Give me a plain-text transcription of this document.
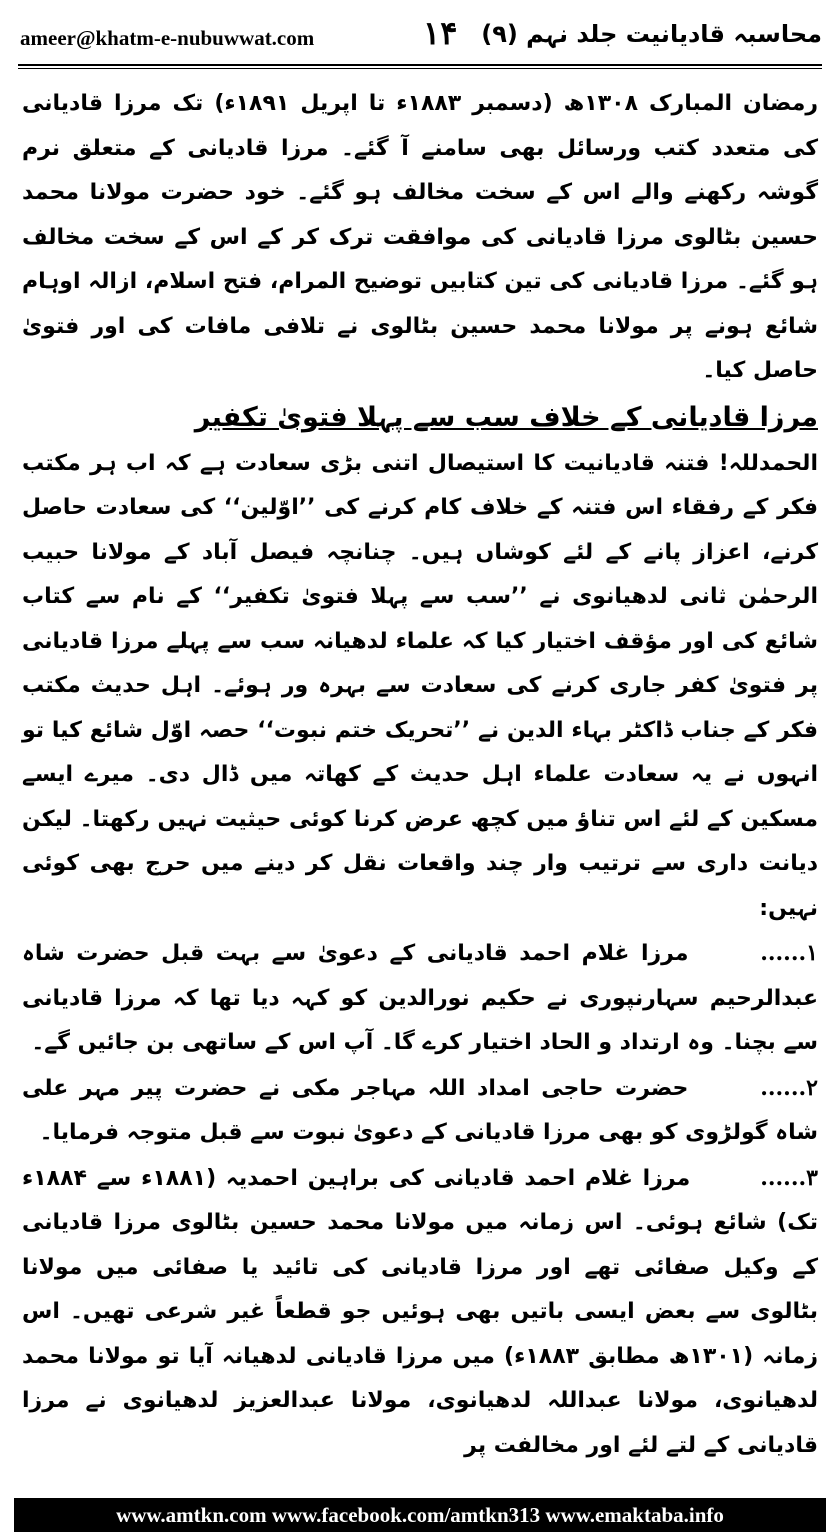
ameer@khatm-e-nubuwwat.com	۱۴ محاسبہ قادیانیت جلد نہم (۹)

رمضان المبارک ۱۳۰۸ھ (دسمبر ۱۸۸۳ء تا اپریل ۱۸۹۱ء) تک مرزا قادیانی کی متعدد کتب ورسائل بھی سامنے آ گئے۔ مرزا قادیانی کے متعلق نرم گوشہ رکھنے والے اس کے سخت مخالف ہو گئے۔ خود حضرت مولانا محمد حسین بٹالوی مرزا قادیانی کی موافقت ترک کر کے اس کے سخت مخالف ہو گئے۔ مرزا قادیانی کی تین کتابیں توضیح المرام، فتح اسلام، ازالہ اوہام شائع ہونے پر مولانا محمد حسین بٹالوی نے تلافی مافات کی اور فتویٰ حاصل کیا۔

مرزا قادیانی کے خلاف سب سے پہلا فتویٰ تکفیر

الحمدللہ! فتنہ قادیانیت کا استیصال اتنی بڑی سعادت ہے کہ اب ہر مکتب فکر کے رفقاء اس فتنہ کے خلاف کام کرنے کی ’’اوّلین‘‘ کی سعادت حاصل کرنے، اعزاز پانے کے لئے کوشاں ہیں۔ چنانچہ فیصل آباد کے مولانا حبیب الرحمٰن ثانی لدھیانوی نے ’’سب سے پہلا فتویٰ تکفیر‘‘ کے نام سے کتاب شائع کی اور مؤقف اختیار کیا کہ علماء لدھیانہ سب سے پہلے مرزا قادیانی پر فتویٰ کفر جاری کرنے کی سعادت سے بہرہ ور ہوئے۔ اہل حدیث مکتب فکر کے جناب ڈاکٹر بہاء الدین نے ’’تحریک ختم نبوت‘‘ حصہ اوّل شائع کیا تو انہوں نے یہ سعادت علماء اہل حدیث کے کھاتہ میں ڈال دی۔ میرے ایسے مسکین کے لئے اس تناؤ میں کچھ عرض کرنا کوئی حیثیت نہیں رکھتا۔ لیکن دیانت داری سے ترتیب وار چند واقعات نقل کر دینے میں حرج بھی کوئی نہیں:

۱...... مرزا غلام احمد قادیانی کے دعویٰ سے بہت قبل حضرت شاہ عبدالرحیم سہارنپوری نے حکیم نورالدین کو کہہ دیا تھا کہ مرزا قادیانی سے بچنا۔ وہ ارتداد و الحاد اختیار کرے گا۔ آپ اس کے ساتھی بن جائیں گے۔

۲...... حضرت حاجی امداد اللہ مہاجر مکی نے حضرت پیر مہر علی شاہ گولڑوی کو بھی مرزا قادیانی کے دعویٰ نبوت سے قبل متوجہ فرمایا۔

۳...... مرزا غلام احمد قادیانی کی براہین احمدیہ (۱۸۸۱ء سے ۱۸۸۴ء تک) شائع ہوئی۔ اس زمانہ میں مولانا محمد حسین بٹالوی مرزا قادیانی کے وکیل صفائی تھے اور مرزا قادیانی کی تائید یا صفائی میں مولانا بٹالوی سے بعض ایسی باتیں بھی ہوئیں جو قطعاً غیر شرعی تھیں۔ اس زمانہ (۱۳۰۱ھ مطابق ۱۸۸۳ء) میں مرزا قادیانی لدھیانہ آیا تو مولانا محمد لدھیانوی، مولانا عبداللہ لدھیانوی، مولانا عبدالعزیز لدھیانوی نے مرزا قادیانی کے لتے لئے اور مخالفت پر

www.amtkn.com www.facebook.com/amtkn313 www.emaktaba.info
